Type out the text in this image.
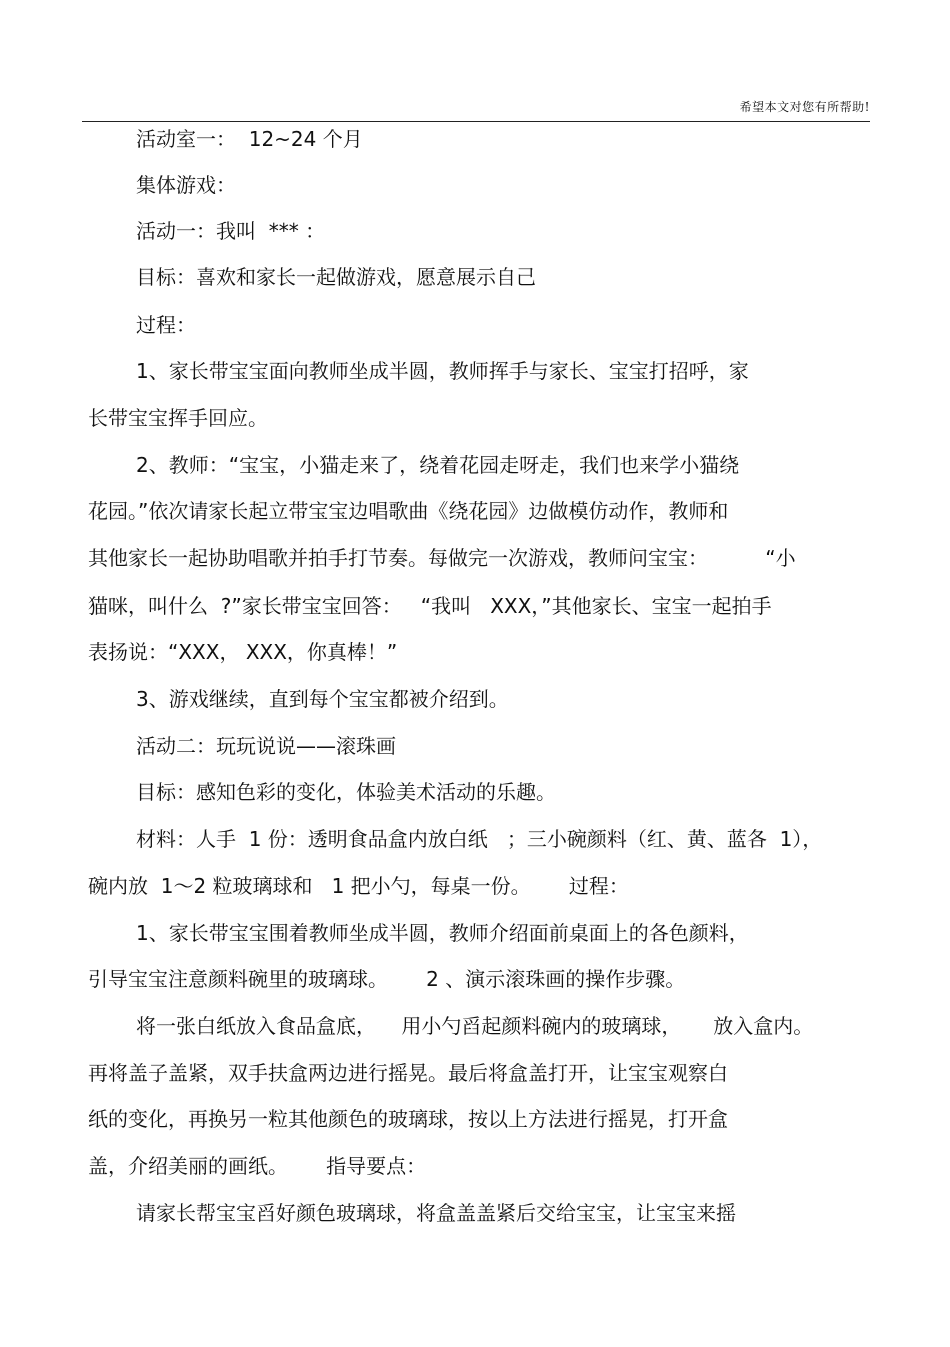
希望本文对您有所帮助!
活动室一：  12~24 个月
集体游戏：
活动一：我叫  *** ：
目标：喜欢和家长一起做游戏，愿意展示自己
过程：
1、家长带宝宝面向教师坐成半圆，教师挥手与家长、宝宝打招呼，家
长带宝宝挥手回应。
2、教师：“宝宝，小猫走来了，绕着花园走呀走，我们也来学小猫绕
花园。”依次请家长起立带宝宝边唱歌曲《绕花园》边做模仿动作，教师和
其他家长一起协助唱歌并拍手打节奏。每做完一次游戏，教师问宝宝：         “小
猫咪，叫什么  ?”家长带宝宝回答：   “我叫   XXX，”其他家长、宝宝一起拍手
表扬说：“XXX， XXX，你真棒！”
3、游戏继续，直到每个宝宝都被介绍到。
活动二：玩玩说说——滚珠画
目标：感知色彩的变化，体验美术活动的乐趣。
材料：人手  1 份：透明食品盒内放白纸   ；三小碗颜料（红、黄、蓝各  1），
碗内放  1～2 粒玻璃球和   1 把小勺，每桌一份。      过程：
1、家长带宝宝围着教师坐成半圆，教师介绍面前桌面上的各色颜料，
引导宝宝注意颜料碗里的玻璃球。      2 、演示滚珠画的操作步骤。
将一张白纸放入食品盒底，    用小勺舀起颜料碗内的玻璃球，     放入盒内。
再将盖子盖紧，双手扶盒两边进行摇晃。最后将盒盖打开，让宝宝观察白
纸的变化，再换另一粒其他颜色的玻璃球，按以上方法进行摇晃，打开盒
盖，介绍美丽的画纸。      指导要点：
请家长帮宝宝舀好颜色玻璃球，将盒盖盖紧后交给宝宝，让宝宝来摇
